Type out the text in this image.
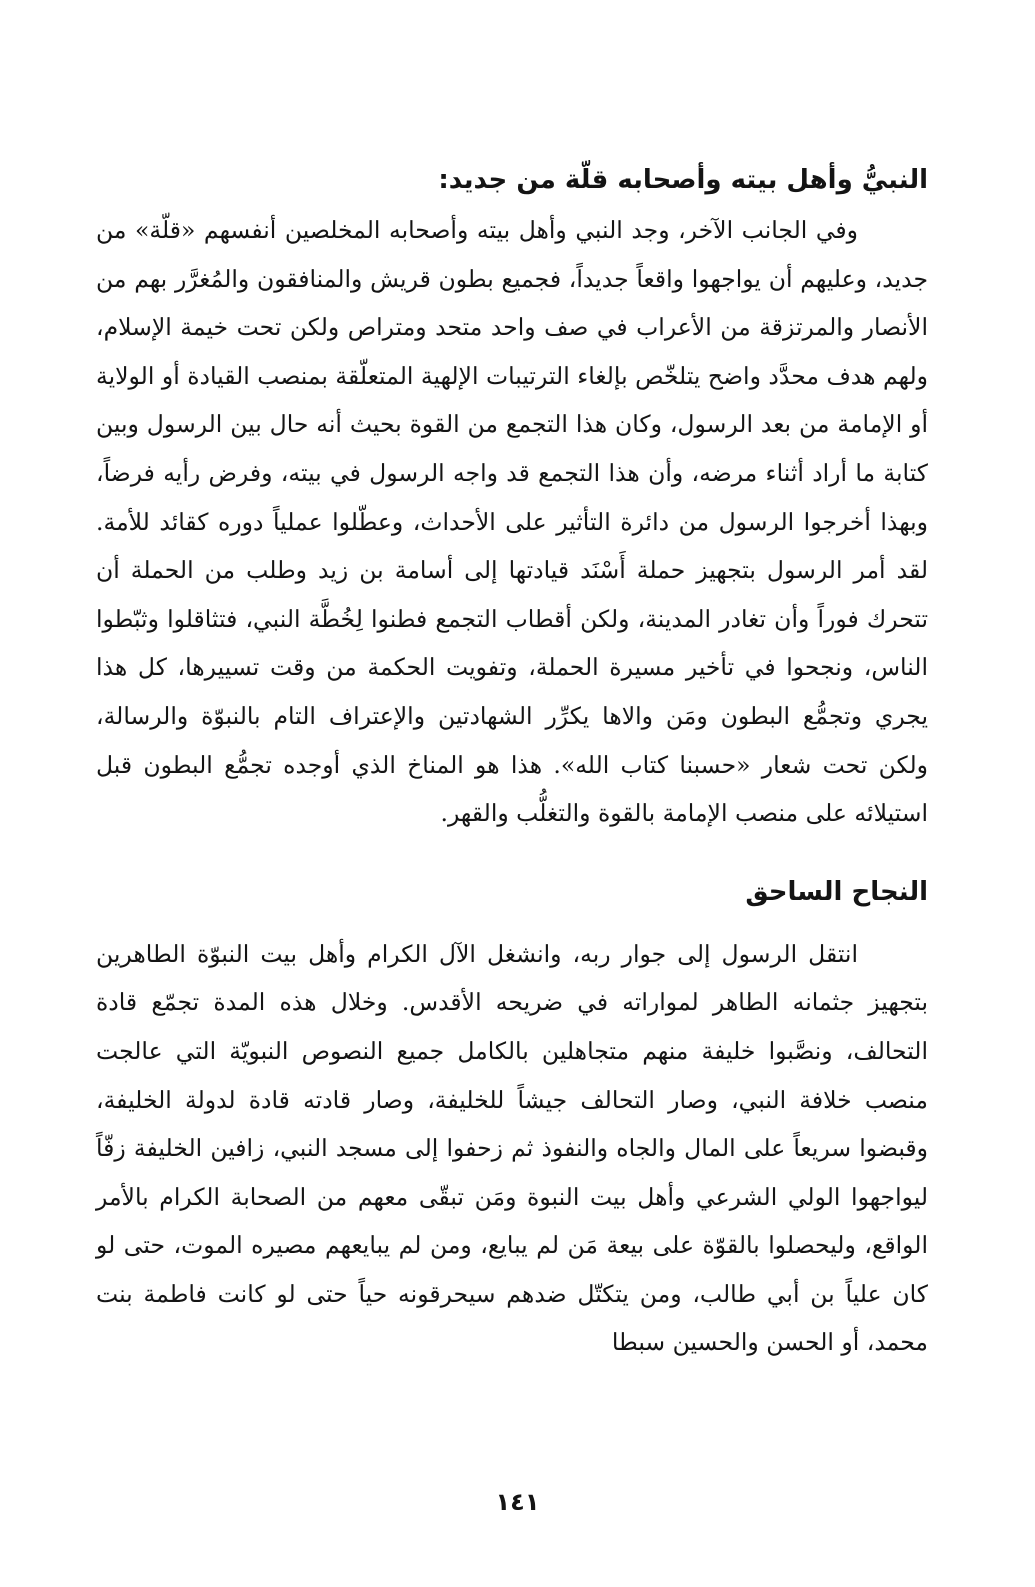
النبيُّ وأهل بيته وأصحابه قلّة من جديد:

وفي الجانب الآخر، وجد النبي وأهل بيته وأصحابه المخلصين أنفسهم «قلّة» من جديد، وعليهم أن يواجهوا واقعاً جديداً، فجميع بطون قريش والمنافقون والمُغرَّر بهم من الأنصار والمرتزقة من الأعراب في صف واحد متحد ومتراص ولكن تحت خيمة الإسلام، ولهم هدف محدَّد واضح يتلخّص بإلغاء الترتيبات الإلهية المتعلّقة بمنصب القيادة أو الولاية أو الإمامة من بعد الرسول، وكان هذا التجمع من القوة بحيث أنه حال بين الرسول وبين كتابة ما أراد أثناء مرضه، وأن هذا التجمع قد واجه الرسول في بيته، وفرض رأيه فرضاً، وبهذا أخرجوا الرسول من دائرة التأثير على الأحداث، وعطّلوا عملياً دوره كقائد للأمة. لقد أمر الرسول بتجهيز حملة أَسْنَد قيادتها إلى أسامة بن زيد وطلب من الحملة أن تتحرك فوراً وأن تغادر المدينة، ولكن أقطاب التجمع فطنوا لِخُطَّة النبي، فتثاقلوا وثبّطوا الناس، ونجحوا في تأخير مسيرة الحملة، وتفويت الحكمة من وقت تسييرها، كل هذا يجري وتجمُّع البطون ومَن والاها يكرِّر الشهادتين والإعتراف التام بالنبوّة والرسالة، ولكن تحت شعار «حسبنا كتاب الله». هذا هو المناخ الذي أوجده تجمُّع البطون قبل استيلائه على منصب الإمامة بالقوة والتغلُّب والقهر.

النجاح الساحق

انتقل الرسول إلى جوار ربه، وانشغل الآل الكرام وأهل بيت النبوّة الطاهرين بتجهيز جثمانه الطاهر لمواراته في ضريحه الأقدس. وخلال هذه المدة تجمّع قادة التحالف، ونصَّبوا خليفة منهم متجاهلين بالكامل جميع النصوص النبويّة التي عالجت منصب خلافة النبي، وصار التحالف جيشاً للخليفة، وصار قادته قادة لدولة الخليفة، وقبضوا سريعاً على المال والجاه والنفوذ ثم زحفوا إلى مسجد النبي، زافين الخليفة زفّاً ليواجهوا الولي الشرعي وأهل بيت النبوة ومَن تبقّى معهم من الصحابة الكرام بالأمر الواقع، وليحصلوا بالقوّة على بيعة مَن لم يبايع، ومن لم يبايعهم مصيره الموت، حتى لو كان علياً بن أبي طالب، ومن يتكتّل ضدهم سيحرقونه حياً حتى لو كانت فاطمة بنت محمد، أو الحسن والحسين سبطا

١٤١
